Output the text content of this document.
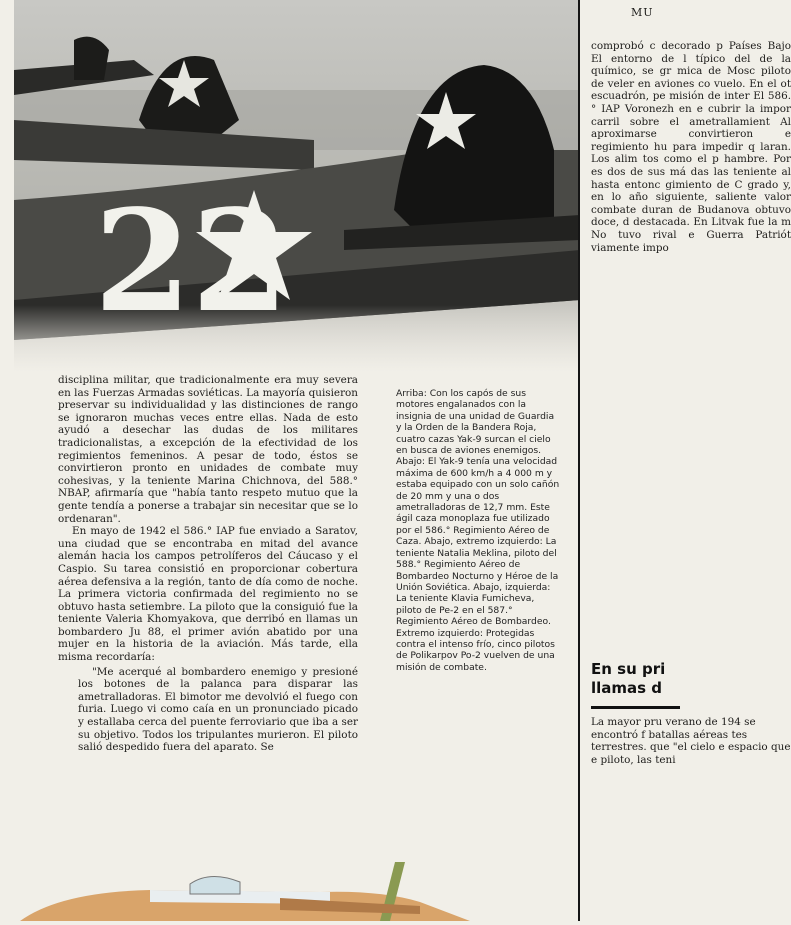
disciplina militar, que tradicionalmente era muy severa en las Fuerzas Armadas soviéticas. La mayoría quisieron preservar su individualidad y las distinciones de rango se ignoraron muchas veces entre ellas. Nada de esto ayudó a desechar las dudas de los militares tradicionalistas, a excepción de la efectividad de los regimientos femeninos. A pesar de todo, éstos se convirtieron pronto en unidades de combate muy cohesivas, y la teniente Marina Chichnova, del 588.° NBAP, afirmaría que "había tanto respeto mutuo que la gente tendía a ponerse a trabajar sin necesitar que se lo ordenaran".

En mayo de 1942 el 586.° IAP fue enviado a Saratov, una ciudad que se encontraba en mitad del avance alemán hacia los campos petrolíferos del Cáucaso y el Caspio. Su tarea consistió en proporcionar cobertura aérea defensiva a la región, tanto de día como de noche. La primera victoria confirmada del regimiento no se obtuvo hasta setiembre. La piloto que la consiguió fue la teniente Valeria Khomyakova, que derribó en llamas un bombardero Ju 88, el primer avión abatido por una mujer en la historia de la aviación. Más tarde, ella misma recordaría:

"Me acerqué al bombardero enemigo y presioné los botones de la palanca para disparar las ametralladoras. El bimotor me devolvió el fuego con furia. Luego vi como caía en un pronunciado picado y estallaba cerca del puente ferroviario que iba a ser su objetivo. Todos los tripulantes murieron. El piloto salió despedido fuera del aparato. Se

Arriba: Con los capós de sus motores engalanados con la insignia de una unidad de Guardia y la Orden de la Bandera Roja, cuatro cazas Yak-9 surcan el cielo en busca de aviones enemigos. Abajo: El Yak-9 tenía una velocidad máxima de 600 km/h a 4 000 m y estaba equipado con un solo cañón de 20 mm y una o dos ametralladoras de 12,7 mm. Este ágil caza monoplaza fue utilizado por el 586.° Regimiento Aéreo de Caza. Abajo, extremo izquierdo: La teniente Natalia Meklina, piloto del 588.° Regimiento Aéreo de Bombardeo Nocturno y Héroe de la Unión Soviética. Abajo, izquierda: La teniente Klavia Fumicheva, piloto de Pe-2 en el 587.° Regimiento Aéreo de Bombardeo. Extremo izquierdo: Protegidas contra el intenso frío, cinco pilotos de Polikarpov Po-2 vuelven de una misión de combate.
MU
comprobó c decorado p Países Bajo El entorno de l típico del de la químico, se gr mica de Mosc piloto de veler en aviones co vuelo. En el ot escuadrón, pe misión de inter El 586.° IAP Voronezh en e cubrir la impor carril sobre el ametrallamient Al aproximarse convirtieron e regimiento hu para impedir q laran. Los alim tos como el p hambre. Por es dos de sus má das las teniente al hasta entonc gimiento de C grado y, en lo año siguiente, saliente valor combate duran de Budanova obtuvo doce, d destacada. En Litvak fue la m No tuvo rival e Guerra Patriót viamente impo
En su pri
llamas d
La mayor pru verano de 194 se encontró f batallas aéreas tes terrestres. que "el cielo e espacio que e piloto, las teni
